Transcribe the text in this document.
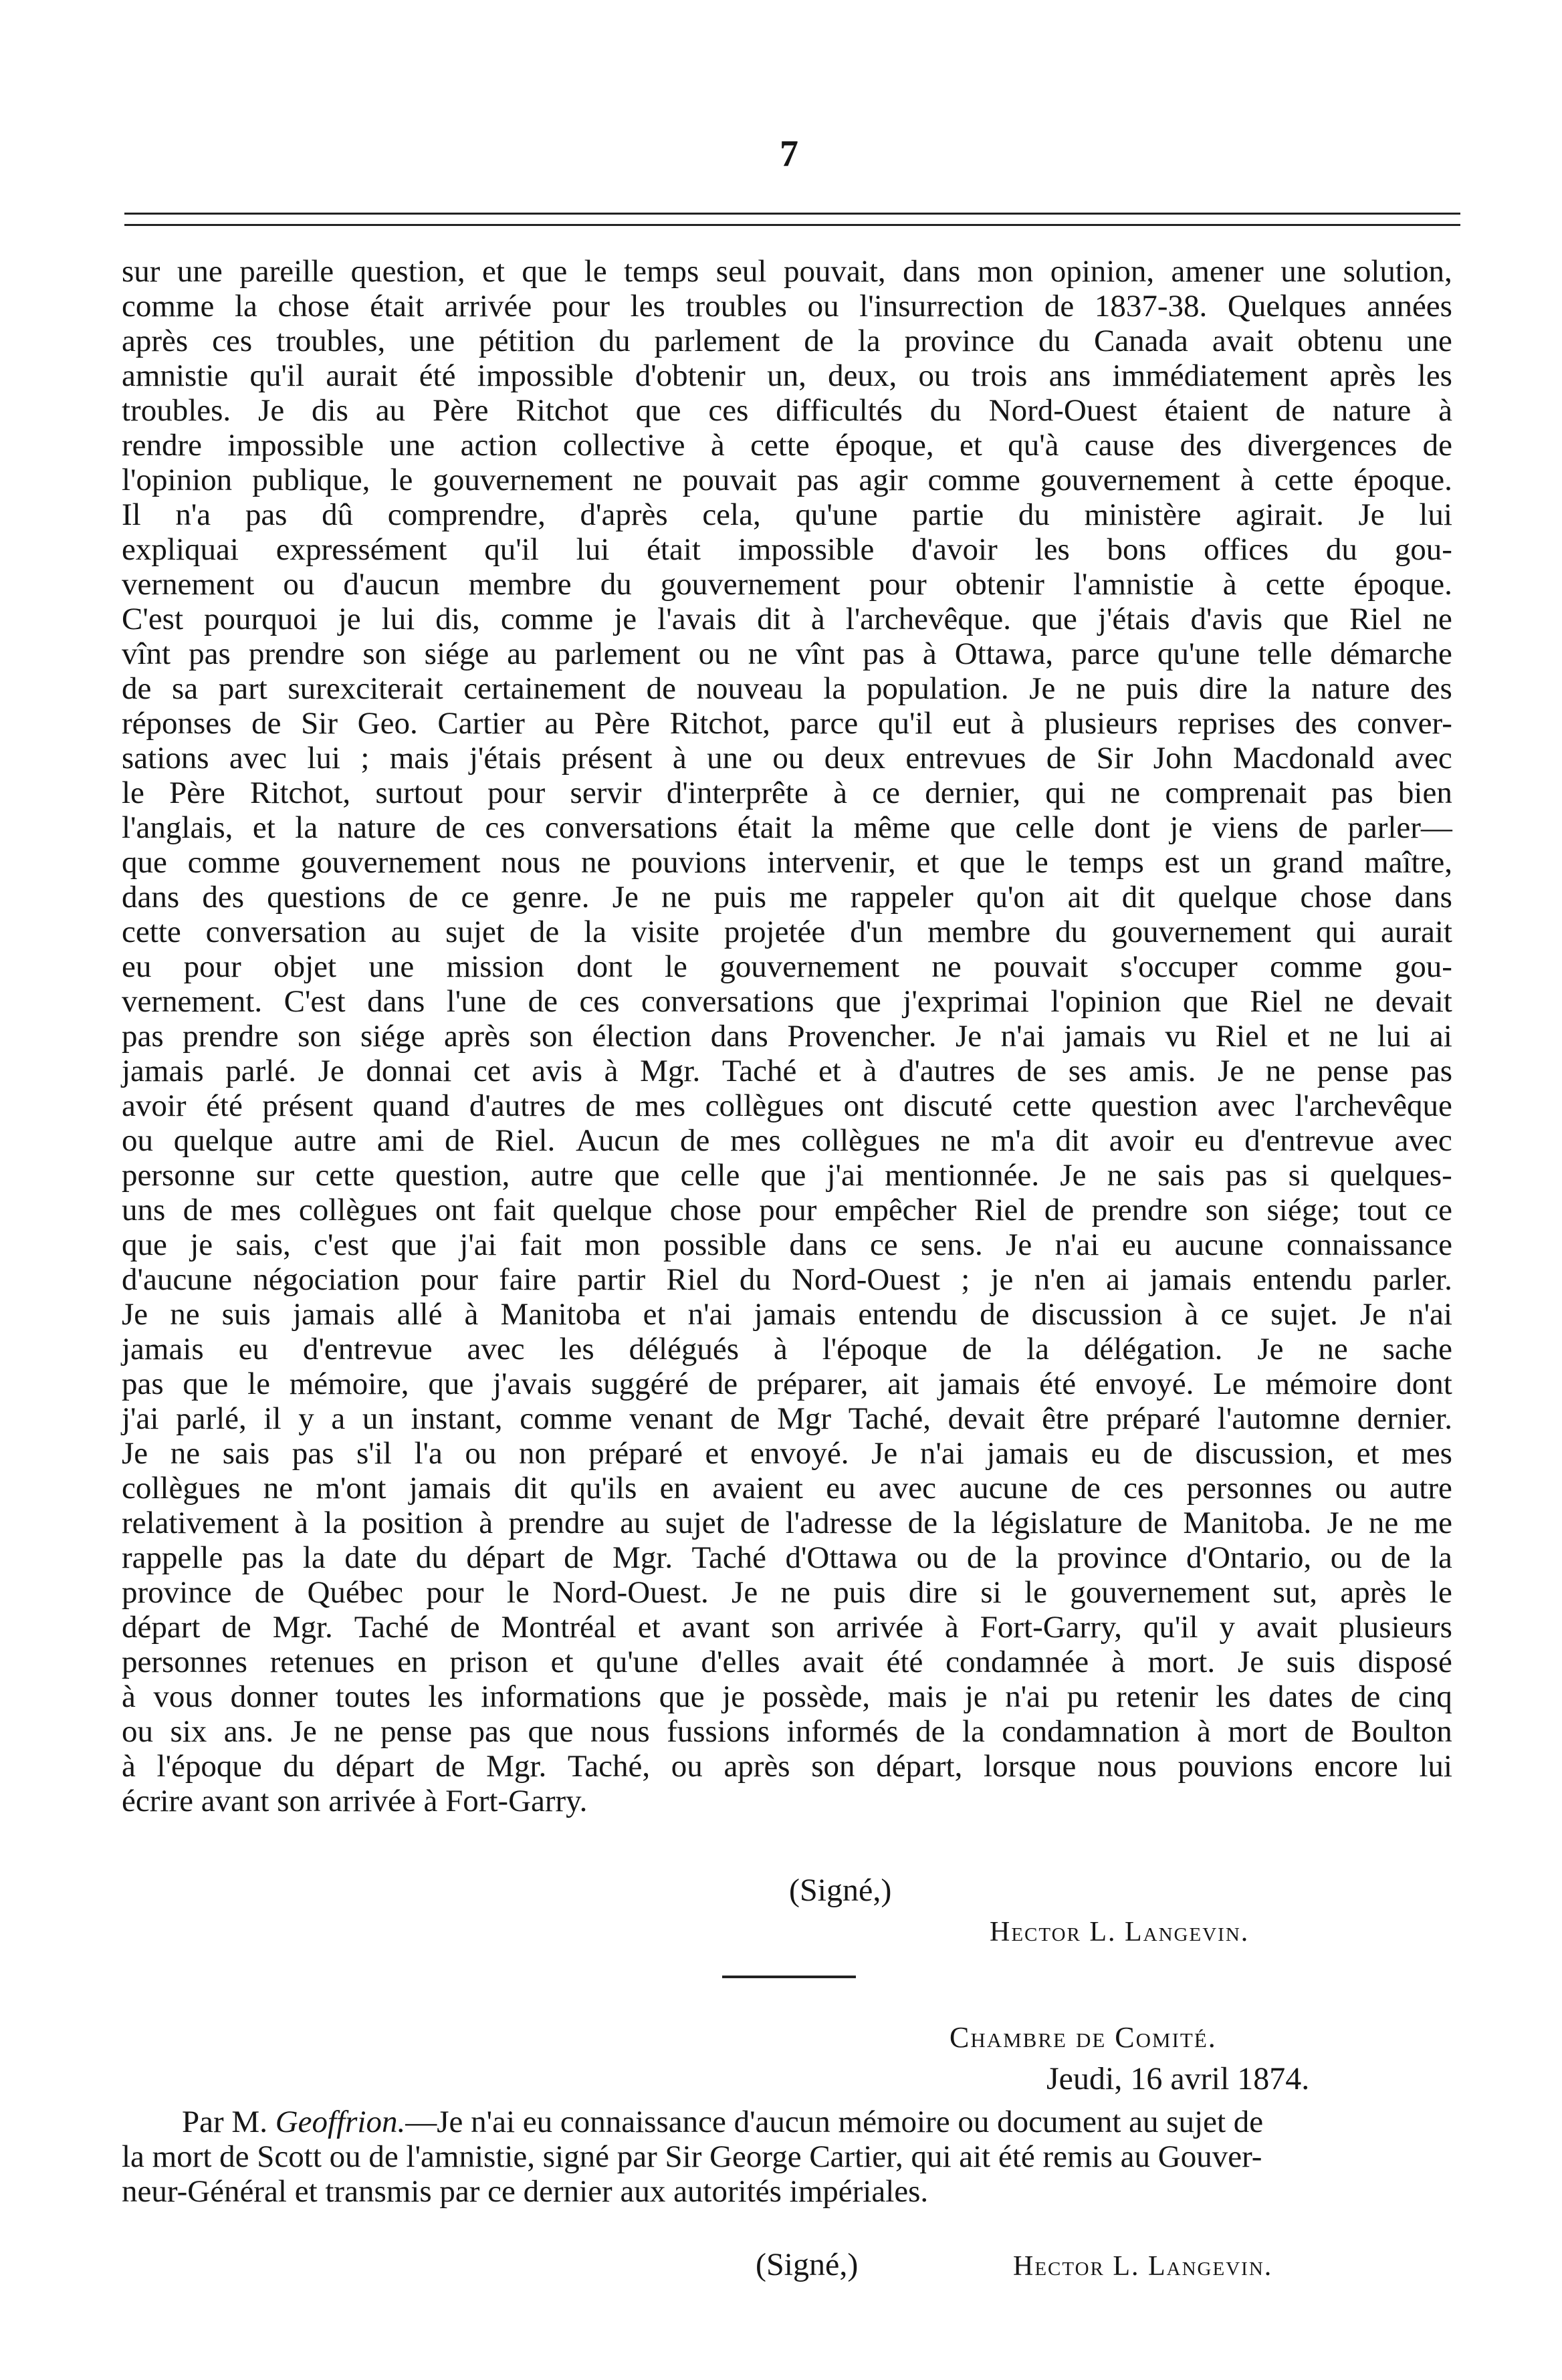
7
sur une pareille question, et que le temps seul pouvait, dans mon opinion, amener une solution,
comme la chose était arrivée pour les troubles ou l'insurrection de 1837-38. Quelques années
après ces troubles, une pétition du parlement de la province du Canada avait obtenu une
amnistie qu'il aurait été impossible d'obtenir un, deux, ou trois ans immédiatement après les
troubles. Je dis au Père Ritchot que ces difficultés du Nord-Ouest étaient de nature à
rendre impossible une action collective à cette époque, et qu'à cause des divergences de
l'opinion publique, le gouvernement ne pouvait pas agir comme gouvernement à cette époque.
Il n'a pas dû comprendre, d'après cela, qu'une partie du ministère agirait. Je lui
expliquai expressément qu'il lui était impossible d'avoir les bons offices du gou-
vernement ou d'aucun membre du gouvernement pour obtenir l'amnistie à cette époque.
C'est pourquoi je lui dis, comme je l'avais dit à l'archevêque. que j'étais d'avis que Riel ne
vînt pas prendre son siége au parlement ou ne vînt pas à Ottawa, parce qu'une telle démarche
de sa part surexciterait certainement de nouveau la population. Je ne puis dire la nature des
réponses de Sir Geo. Cartier au Père Ritchot, parce qu'il eut à plusieurs reprises des conver-
sations avec lui ; mais j'étais présent à une ou deux entrevues de Sir John Macdonald avec
le Père Ritchot, surtout pour servir d'interprête à ce dernier, qui ne comprenait pas bien
l'anglais, et la nature de ces conversations était la même que celle dont je viens de parler—
que comme gouvernement nous ne pouvions intervenir, et que le temps est un grand maître,
dans des questions de ce genre. Je ne puis me rappeler qu'on ait dit quelque chose dans
cette conversation au sujet de la visite projetée d'un membre du gouvernement qui aurait
eu pour objet une mission dont le gouvernement ne pouvait s'occuper comme gou-
vernement. C'est dans l'une de ces conversations que j'exprimai l'opinion que Riel ne devait
pas prendre son siége après son élection dans Provencher. Je n'ai jamais vu Riel et ne lui ai
jamais parlé. Je donnai cet avis à Mgr. Taché et à d'autres de ses amis. Je ne pense pas
avoir été présent quand d'autres de mes collègues ont discuté cette question avec l'archevêque
ou quelque autre ami de Riel. Aucun de mes collègues ne m'a dit avoir eu d'entrevue avec
personne sur cette question, autre que celle que j'ai mentionnée. Je ne sais pas si quelques-
uns de mes collègues ont fait quelque chose pour empêcher Riel de prendre son siége; tout ce
que je sais, c'est que j'ai fait mon possible dans ce sens. Je n'ai eu aucune connaissance
d'aucune négociation pour faire partir Riel du Nord-Ouest ; je n'en ai jamais entendu parler.
Je ne suis jamais allé à Manitoba et n'ai jamais entendu de discussion à ce sujet. Je n'ai
jamais eu d'entrevue avec les délégués à l'époque de la délégation. Je ne sache
pas que le mémoire, que j'avais suggéré de préparer, ait jamais été envoyé. Le mémoire dont
j'ai parlé, il y a un instant, comme venant de Mgr Taché, devait être préparé l'automne dernier.
Je ne sais pas s'il l'a ou non préparé et envoyé. Je n'ai jamais eu de discussion, et mes
collègues ne m'ont jamais dit qu'ils en avaient eu avec aucune de ces personnes ou autre
relativement à la position à prendre au sujet de l'adresse de la législature de Manitoba. Je ne me
rappelle pas la date du départ de Mgr. Taché d'Ottawa ou de la province d'Ontario, ou de la
province de Québec pour le Nord-Ouest. Je ne puis dire si le gouvernement sut, après le
départ de Mgr. Taché de Montréal et avant son arrivée à Fort-Garry, qu'il y avait plusieurs
personnes retenues en prison et qu'une d'elles avait été condamnée à mort. Je suis disposé
à vous donner toutes les informations que je possède, mais je n'ai pu retenir les dates de cinq
ou six ans. Je ne pense pas que nous fussions informés de la condamnation à mort de Boulton
à l'époque du départ de Mgr. Taché, ou après son départ, lorsque nous pouvions encore lui
écrire avant son arrivée à Fort-Garry.
(Signé,)
Hector L. Langevin.
Chambre de Comité.
Jeudi, 16 avril 1874.
Par M. Geoffrion.—Je n'ai eu connaissance d'aucun mémoire ou document au sujet de
la mort de Scott ou de l'amnistie, signé par Sir George Cartier, qui ait été remis au Gouver-
neur-Général et transmis par ce dernier aux autorités impériales.
(Signé,)	Hector L. Langevin.
